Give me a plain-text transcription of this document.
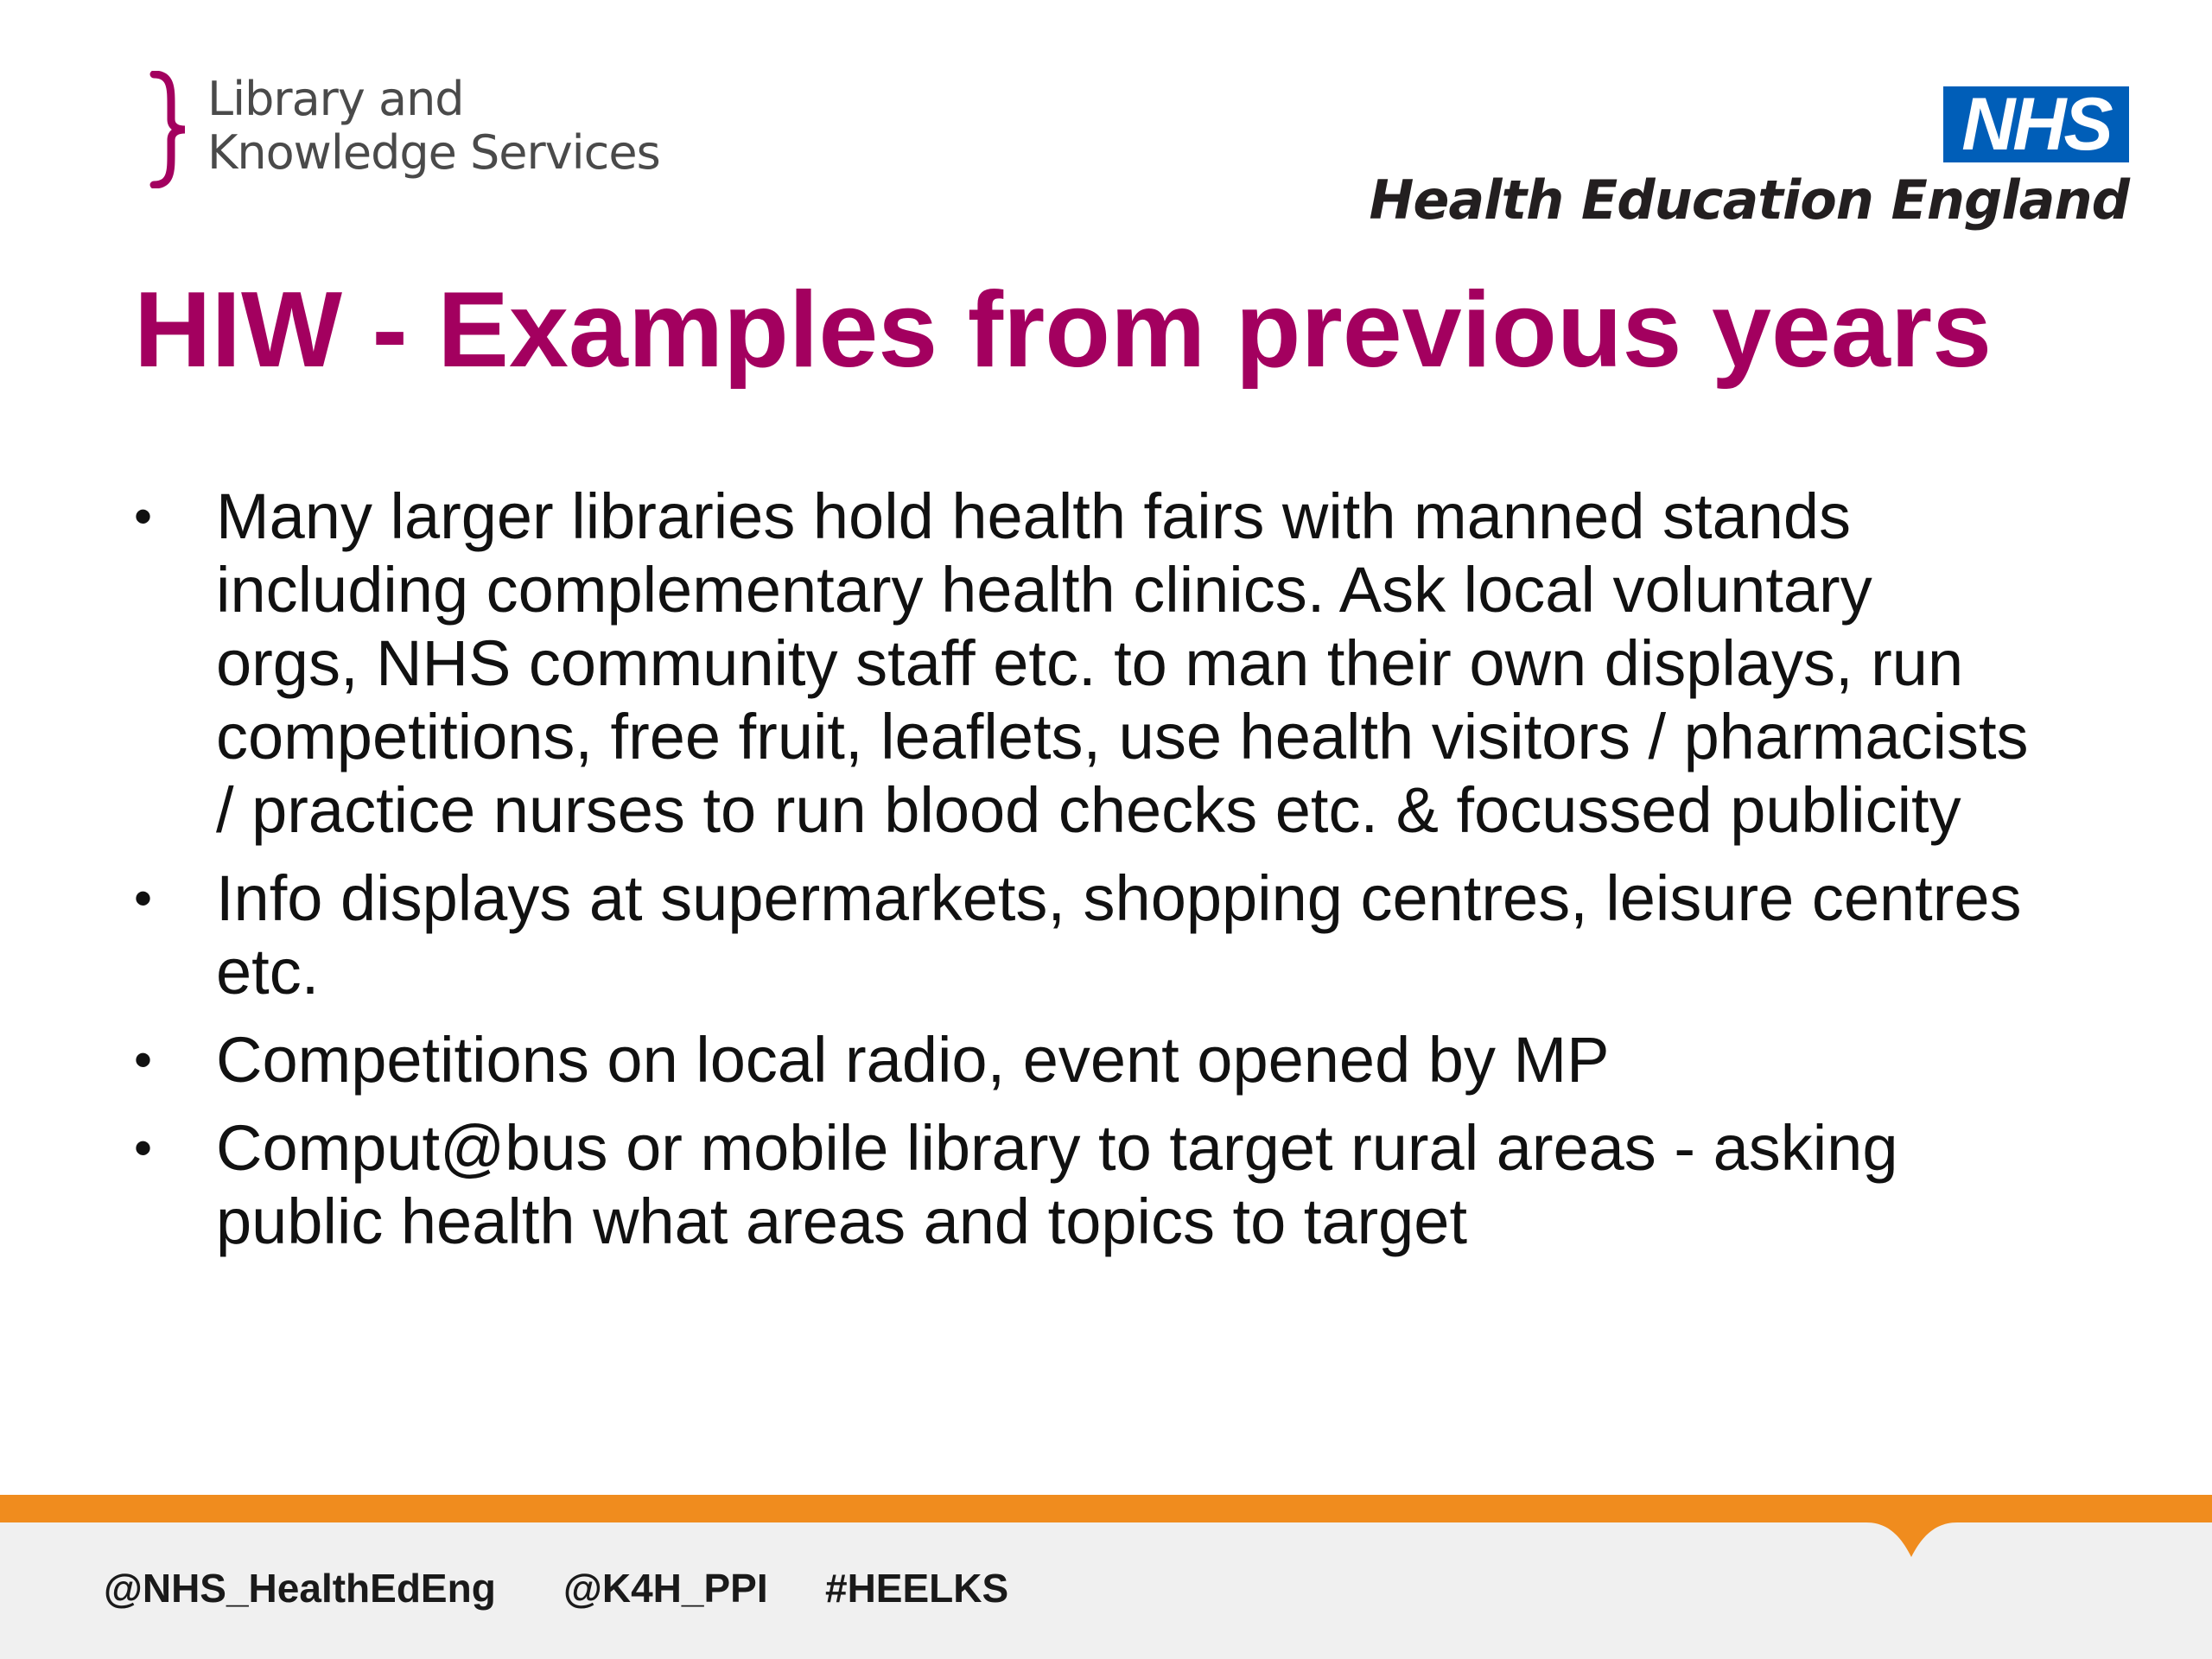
Library and
Knowledge Services	NHS
Health Education England
HIW - Examples from previous years
• Many larger libraries hold health fairs with manned stands including complementary health clinics. Ask local voluntary orgs, NHS community staff etc. to man their own displays, run competitions, free fruit, leaflets, use health visitors / pharmacists / practice nurses to run blood checks etc. & focussed publicity
• Info displays at supermarkets, shopping centres, leisure centres etc.
• Competitions on local radio, event opened by MP
• Comput@bus or mobile library to target rural areas - asking public health what areas and topics to target
@NHS_HealthEdEng @K4H_PPI #HEELKS
